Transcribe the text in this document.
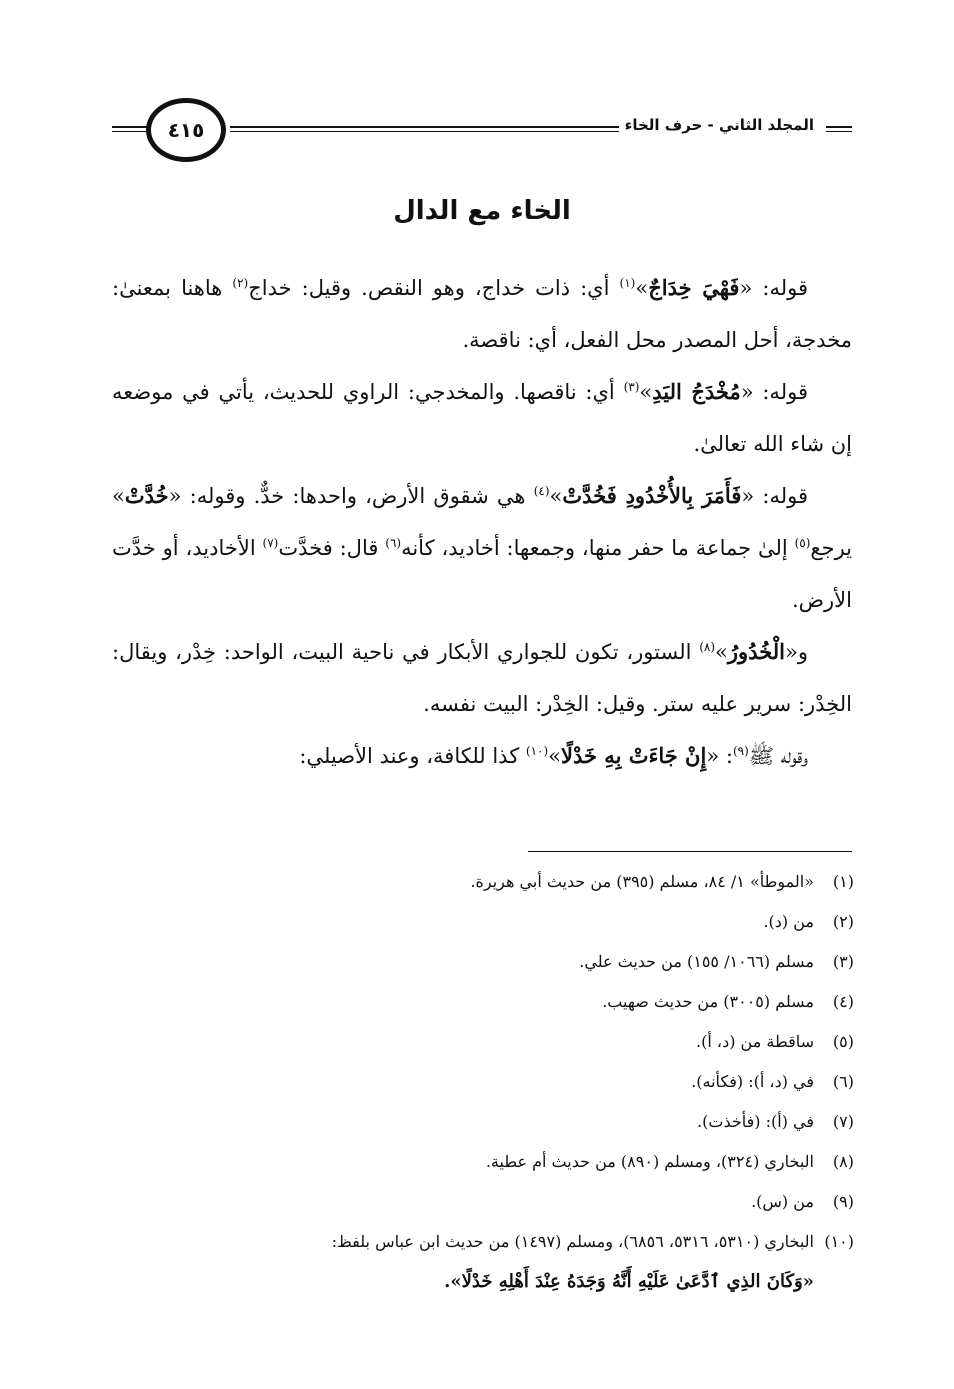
٤١٥	المجلد الثاني - حرف الخاء
الخاء مع الدال

قوله: «فَهْيَ خِدَاجٌ»$^{(١)}$ أي: ذات خداج، وهو النقص. وقيل: خداج$^{(٢)}$ هاهنا بمعنىٰ: مخدجة، أحل المصدر محل الفعل، أي: ناقصة.

قوله: «مُخْدَجُ اليَدِ»$^{(٣)}$ أي: ناقصها. والمخدجي: الراوي للحديث، يأتي في موضعه إن شاء الله تعالىٰ.

قوله: «فَأَمَرَ بِالأُخْدُودِ فَخُدَّتْ»$^{(٤)}$ هي شقوق الأرض، واحدها: خدٌّ. وقوله: «خُدَّتْ» يرجع$^{(٥)}$ إلىٰ جماعة ما حفر منها، وجمعها: أخاديد، كأنه$^{(٦)}$ قال: فخدَّت$^{(٧)}$ الأخاديد، أو خدَّت الأرض.

و«الْخُدُورُ»$^{(٨)}$ الستور، تكون للجواري الأبكار في ناحية البيت، الواحد: خِدْر، ويقال: الخِدْر: سرير عليه ستر. وقيل: الخِدْر: البيت نفسه.

وقوله ﷺ$^{(٩)}$: «إِنْ جَاءَتْ بِهِ خَدْلًا»$^{(١٠)}$ كذا للكافة، وعند الأصيلي:

(١)
«الموطأ» ١/ ٨٤، مسلم (٣٩٥) من حديث أبي هريرة.
(٢)
من (د).
(٣)
مسلم (١٠٦٦/ ١٥٥) من حديث علي.
(٤)
مسلم (٣٠٠٥) من حديث صهيب.
(٥)
ساقطة من (د، أ).
(٦)
في (د، أ): (فكأنه).
(٧)
في (أ): (فأخذت).
(٨)
البخاري (٣٢٤)، ومسلم (٨٩٠) من حديث أم عطية.
(٩)
من (س).
(١٠)
البخاري (٥٣١٠، ٥٣١٦، ٦٨٥٦)، ومسلم (١٤٩٧) من حديث ابن عباس بلفظ:
«وَكَانَ الذِي ٱدَّعَىٰ عَلَيْهِ أَنَّهُ وَجَدَهُ عِنْدَ أَهْلِهِ خَدْلًا».
